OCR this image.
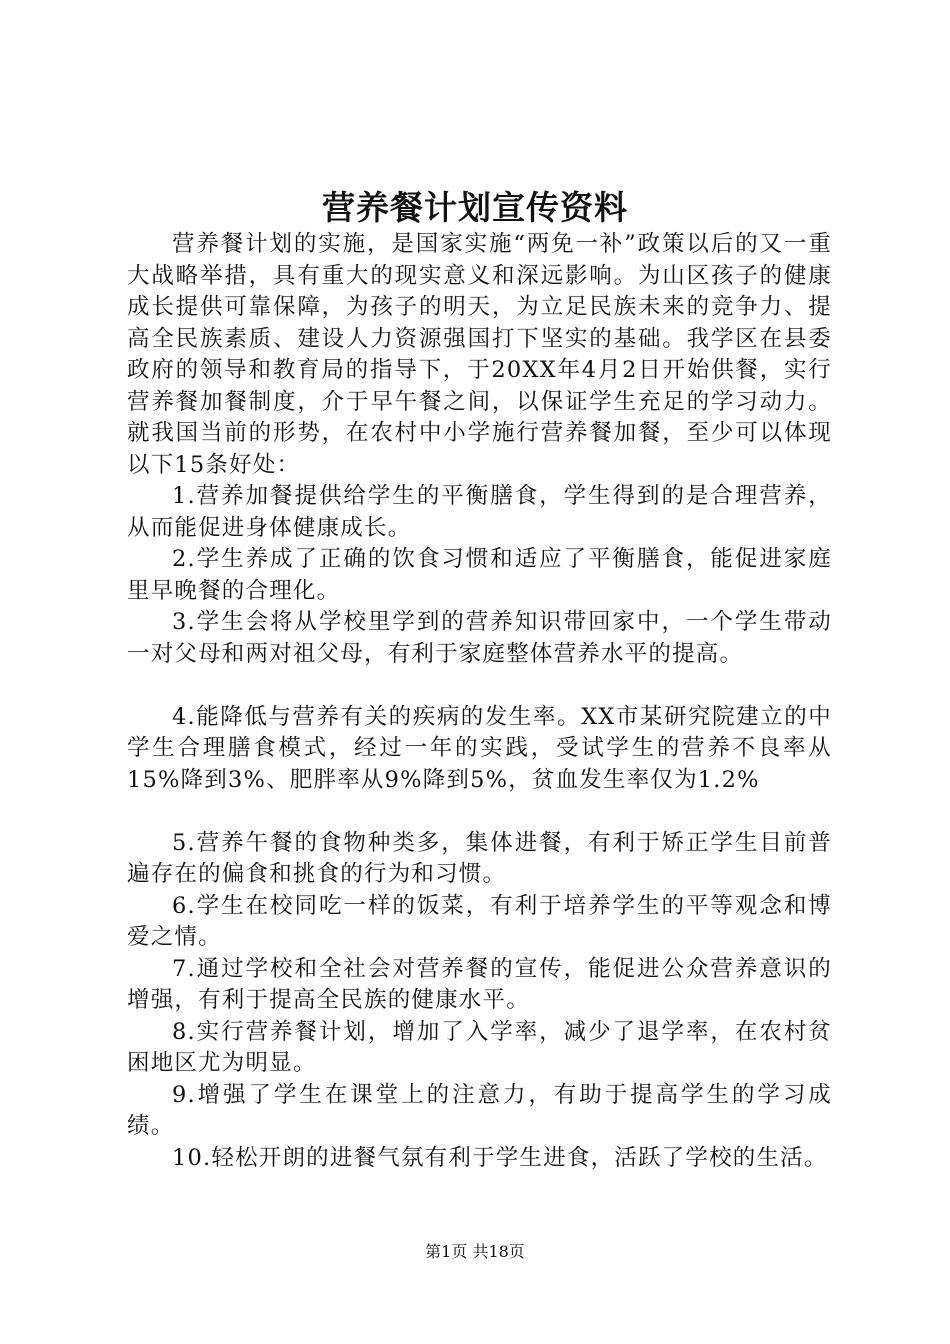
营养餐计划宣传资料

营养餐计划的实施，是国家实施“两免一补”政策以后的又一重大战略举措，具有重大的现实意义和深远影响。为山区孩子的健康成长提供可靠保障，为孩子的明天，为立足民族未来的竞争力、提高全民族素质、建设人力资源强国打下坚实的基础。我学区在县委政府的领导和教育局的指导下，于20XX年4月2日开始供餐，实行营养餐加餐制度，介于早午餐之间，以保证学生充足的学习动力。就我国当前的形势，在农村中小学施行营养餐加餐，至少可以体现以下15条好处：

1.营养加餐提供给学生的平衡膳食，学生得到的是合理营养，从而能促进身体健康成长。

2.学生养成了正确的饮食习惯和适应了平衡膳食，能促进家庭里早晚餐的合理化。

3.学生会将从学校里学到的营养知识带回家中，一个学生带动一对父母和两对祖父母，有利于家庭整体营养水平的提高。

4.能降低与营养有关的疾病的发生率。XX市某研究院建立的中学生合理膳食模式，经过一年的实践，受试学生的营养不良率从15%降到3%、肥胖率从9%降到5%，贫血发生率仅为1.2%

5.营养午餐的食物种类多，集体进餐，有利于矫正学生目前普遍存在的偏食和挑食的行为和习惯。

6.学生在校同吃一样的饭菜，有利于培养学生的平等观念和博爱之情。

7.通过学校和全社会对营养餐的宣传，能促进公众营养意识的增强，有利于提高全民族的健康水平。

8.实行营养餐计划，增加了入学率，减少了退学率，在农村贫困地区尤为明显。

9.增强了学生在课堂上的注意力，有助于提高学生的学习成绩。

10.轻松开朗的进餐气氛有利于学生进食，活跃了学校的生活。

第1页 共18页
